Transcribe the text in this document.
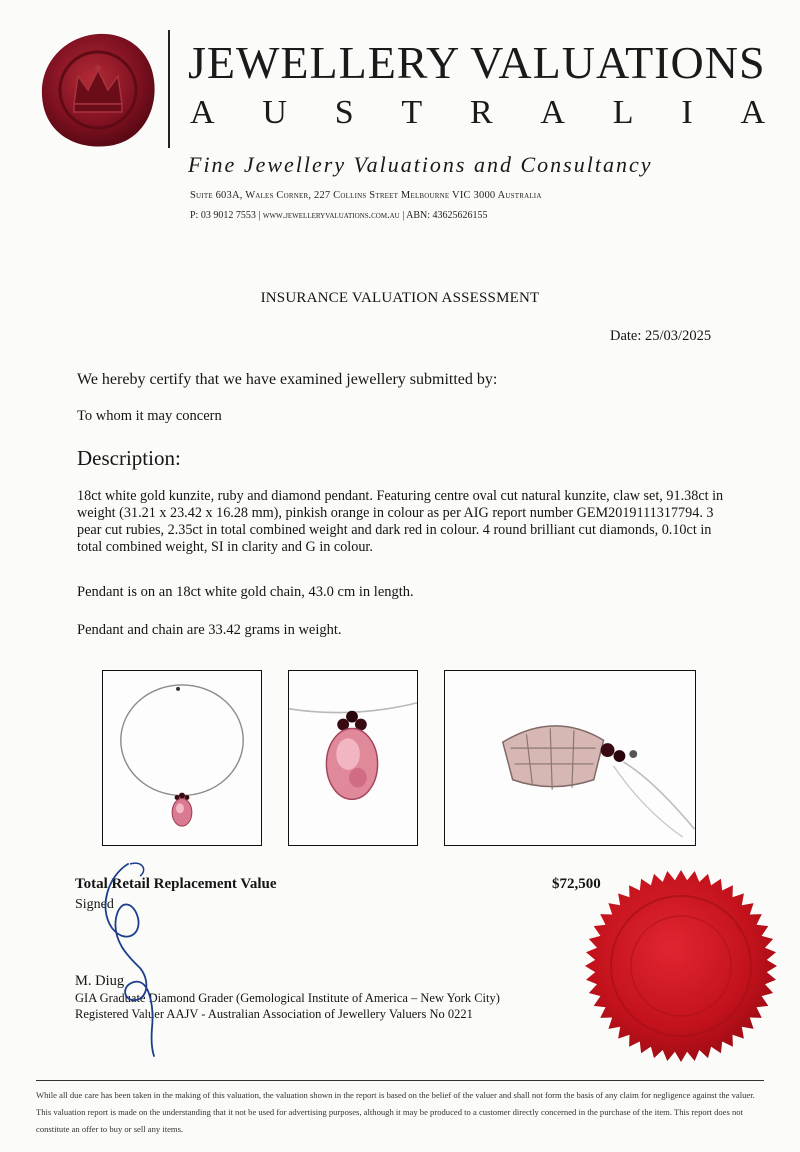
JEWELLERY VALUATIONS
A U S T R A L I A
Fine Jewellery Valuations and Consultancy
Suite 603A, Wales Corner, 227 Collins Street Melbourne VIC 3000 Australia
P: 03 9012 7553 | www.jewelleryvaluations.com.au | ABN: 43625626155
INSURANCE VALUATION ASSESSMENT
Date: 25/03/2025
We hereby certify that we have examined jewellery submitted by:
To whom it may concern
Description:
18ct white gold kunzite, ruby and diamond pendant. Featuring centre oval cut natural kunzite, claw set, 91.38ct in weight (31.21 x 23.42 x 16.28 mm), pinkish orange in colour as per AIG report number GEM2019111317794. 3 pear cut rubies, 2.35ct in total combined weight and dark red in colour. 4 round brilliant cut diamonds, 0.10ct in total combined weight, SI in clarity and G in colour.
Pendant is on an 18ct white gold chain, 43.0 cm in length.
Pendant and chain are 33.42 grams in weight.
Total Retail Replacement Value	$72,500
Signed
M. Diug
GIA Graduate Diamond Grader (Gemological Institute of America – New York City)
Registered Valuer AAJV - Australian Association of Jewellery Valuers No 0221
While all due care has been taken in the making of this valuation, the valuation shown in the report is based on the belief of the valuer and shall not form the basis of any claim for negligence against the valuer. This valuation report is made on the understanding that it not be used for advertising purposes, although it may be produced to a customer directly concerned in the purchase of the item. This report does not constitute an offer to buy or sell any items.
